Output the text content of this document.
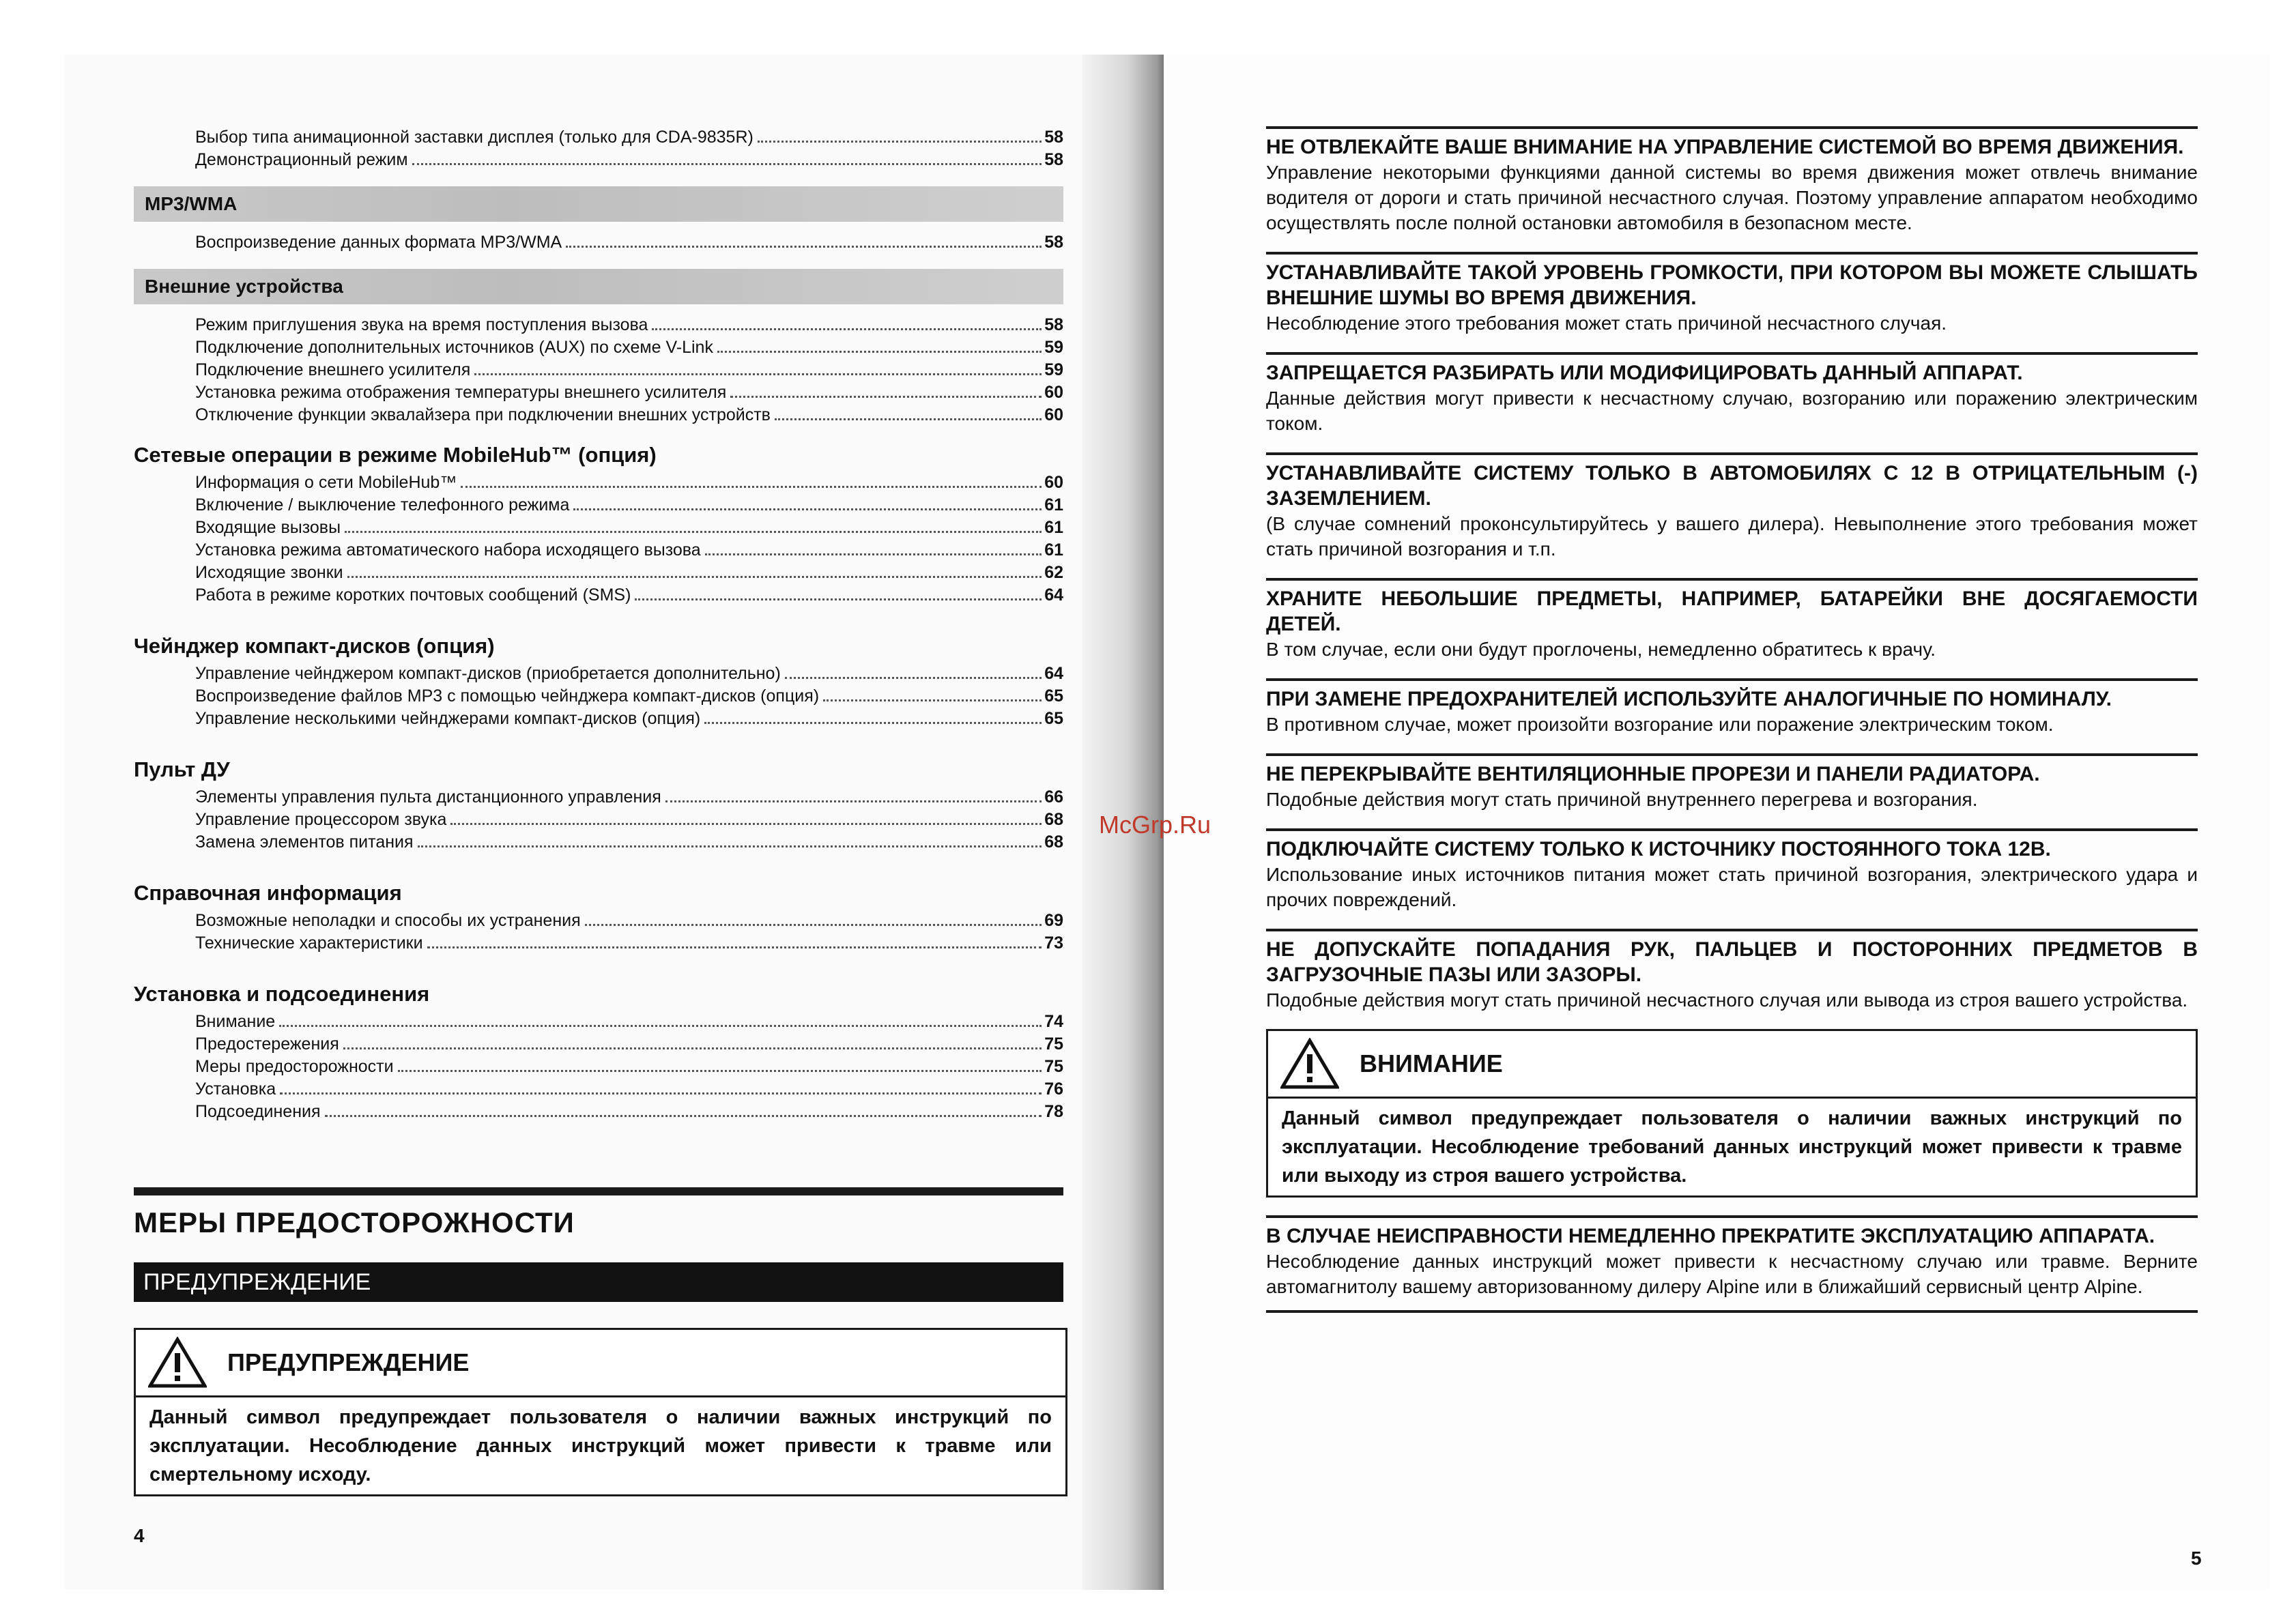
Выбор типа анимационной заставки дисплея (только для CDA-9835R)	58
Демонстрационный режим	58
MP3/WMA
Воспроизведение данных формата MP3/WMA	58
Внешние устройства
Режим приглушения звука на время поступления вызова	58
Подключение дополнительных источников (AUX) по схеме V-Link	59
Подключение внешнего усилителя	59
Установка режима отображения температуры внешнего усилителя	60
Отключение функции эквалайзера при подключении внешних устройств	60
Сетевые операции в режиме MobileHub™ (опция)
Информация о сети MobileHub™	60
Включение / выключение телефонного режима	61
Входящие вызовы	61
Установка режима автоматического набора исходящего вызова	61
Исходящие звонки	62
Работа в режиме коротких почтовых сообщений (SMS)	64
Чейнджер компакт-дисков (опция)
Управление чейнджером компакт-дисков (приобретается дополнительно)	64
Воспроизведение файлов MP3 с помощью чейнджера компакт-дисков (опция)	65
Управление несколькими чейнджерами компакт-дисков (опция)	65
Пульт ДУ
Элементы управления пульта дистанционного управления	66
Управление процессором звука	68
Замена элементов питания	68
Справочная информация
Возможные неполадки и способы их устранения	69
Технические характеристики	73
Установка и подсоединения
Внимание	74
Предостережения	75
Меры предосторожности	75
Установка	76
Подсоединения	78
МЕРЫ ПРЕДОСТОРОЖНОСТИ
ПРЕДУПРЕЖДЕНИЕ
ПРЕДУПРЕЖДЕНИЕ
Данный символ предупреждает пользователя о наличии важных инструкций по эксплуатации. Несоблюдение данных инструкций может привести к травме или смертельному исходу.
4
НЕ ОТВЛЕКАЙТЕ ВАШЕ ВНИМАНИЕ НА УПРАВЛЕНИЕ СИСТЕМОЙ ВО ВРЕМЯ ДВИЖЕНИЯ.
Управление некоторыми функциями данной системы во время движения может отвлечь внимание водителя от дороги и стать причиной несчастного случая. Поэтому управление аппаратом необходимо осуществлять после полной остановки автомобиля в безопасном месте.
УСТАНАВЛИВАЙТЕ ТАКОЙ УРОВЕНЬ ГРОМКОСТИ, ПРИ КОТОРОМ ВЫ МОЖЕТЕ СЛЫШАТЬ ВНЕШНИЕ ШУМЫ ВО ВРЕМЯ ДВИЖЕНИЯ.
Несоблюдение этого требования может стать причиной несчастного случая.
ЗАПРЕЩАЕТСЯ РАЗБИРАТЬ ИЛИ МОДИФИЦИРОВАТЬ ДАННЫЙ АППАРАТ.
Данные действия могут привести к несчастному случаю, возгоранию или поражению электрическим током.
УСТАНАВЛИВАЙТЕ СИСТЕМУ ТОЛЬКО В АВТОМОБИЛЯХ С 12 В ОТРИЦАТЕЛЬНЫМ (-) ЗАЗЕМЛЕНИЕМ.
(В случае сомнений проконсультируйтесь у вашего дилера). Невыполнение этого требования может стать причиной возгорания и т.п.
ХРАНИТЕ НЕБОЛЬШИЕ ПРЕДМЕТЫ, НАПРИМЕР, БАТАРЕЙКИ ВНЕ ДОСЯГАЕМОСТИ ДЕТЕЙ.
В том случае, если они будут проглочены, немедленно обратитесь к врачу.
ПРИ ЗАМЕНЕ ПРЕДОХРАНИТЕЛЕЙ ИСПОЛЬЗУЙТЕ АНАЛОГИЧНЫЕ ПО НОМИНАЛУ.
В противном случае, может произойти возгорание или поражение электрическим током.
НЕ ПЕРЕКРЫВАЙТЕ ВЕНТИЛЯЦИОННЫЕ ПРОРЕЗИ И ПАНЕЛИ РАДИАТОРА.
Подобные действия могут стать причиной внутреннего перегрева и возгорания.
ПОДКЛЮЧАЙТЕ СИСТЕМУ ТОЛЬКО К ИСТОЧНИКУ ПОСТОЯННОГО ТОКА 12В.
Использование иных источников питания может стать причиной возгорания, электрического удара и прочих повреждений.
НЕ ДОПУСКАЙТЕ ПОПАДАНИЯ РУК, ПАЛЬЦЕВ И ПОСТОРОННИХ ПРЕДМЕТОВ В ЗАГРУЗОЧНЫЕ ПАЗЫ ИЛИ ЗАЗОРЫ.
Подобные действия могут стать причиной несчастного случая или вывода из строя вашего устройства.
ВНИМАНИЕ
Данный символ предупреждает пользователя о наличии важных инструкций по эксплуатации. Несоблюдение требований данных инструкций может привести к травме или выходу из строя вашего устройства.
В СЛУЧАЕ НЕИСПРАВНОСТИ НЕМЕДЛЕННО ПРЕКРАТИТЕ ЭКСПЛУАТАЦИЮ АППАРАТА.
Несоблюдение данных инструкций может привести к несчастному случаю или травме. Верните автомагнитолу вашему авторизованному дилеру Alpine или в ближайший сервисный центр Alpine.
5
McGrp.Ru
